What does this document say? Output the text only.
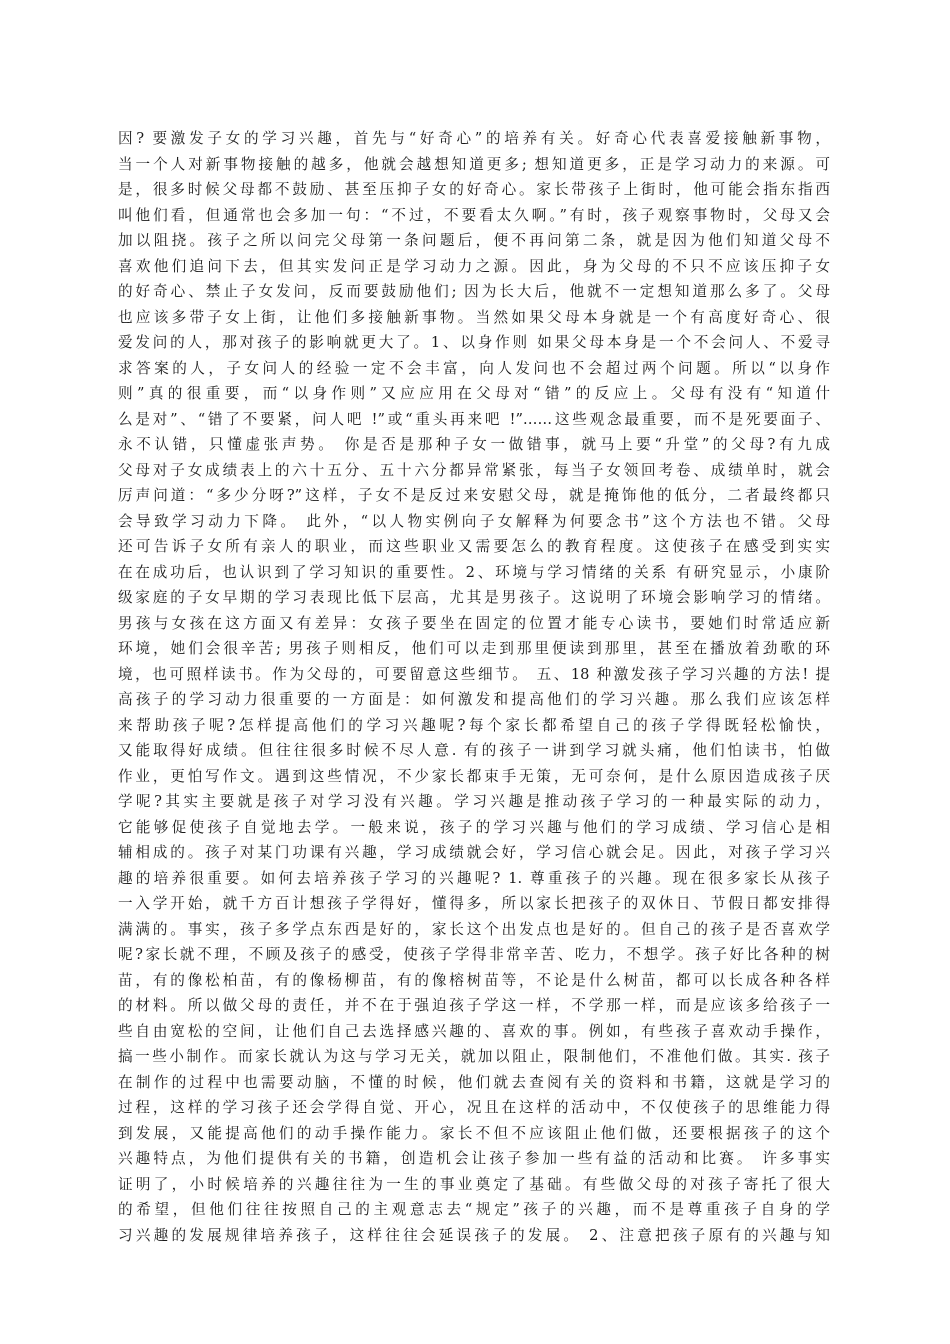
因? 要激发子女的学习兴趣，首先与“好奇心”的培养有关。好奇心代表喜爱接触新事物，
当一个人对新事物接触的越多，他就会越想知道更多; 想知道更多，正是学习动力的来源。可
是，很多时候父母都不鼓励、甚至压抑子女的好奇心。家长带孩子上街时，他可能会指东指西
叫他们看，但通常也会多加一句：“不过，不要看太久啊。”有时，孩子观察事物时，父母又会
加以阻挠。孩子之所以问完父母第一条问题后，便不再问第二条，就是因为他们知道父母不
喜欢他们追问下去，但其实发问正是学习动力之源。因此，身为父母的不只不应该压抑子女
的好奇心、禁止子女发问，反而要鼓励他们; 因为长大后，他就不一定想知道那么多了。父母
也应该多带子女上街，让他们多接触新事物。当然如果父母本身就是一个有高度好奇心、很
爱发问的人，那对孩子的影响就更大了。1、以身作则 如果父母本身是一个不会问人、不爱寻
求答案的人，子女问人的经验一定不会丰富，向人发问也不会超过两个问题。所以“以身作
则”真的很重要，而“以身作则”又应应用在父母对“错”的反应上。父母有没有“知道什
么是对”、“错了不要紧，问人吧 !”或“重头再来吧 !”……这些观念最重要，而不是死要面子、
永不认错，只懂虚张声势。 你是否是那种子女一做错事，就马上要“升堂”的父母?有九成
父母对子女成绩表上的六十五分、五十六分都异常紧张，每当子女领回考卷、成绩单时，就会
厉声问道：“多少分呀?”这样，子女不是反过来安慰父母，就是掩饰他的低分，二者最终都只
会导致学习动力下降。 此外，“以人物实例向子女解释为何要念书”这个方法也不错。父母
还可告诉子女所有亲人的职业，而这些职业又需要怎么的教育程度。这使孩子在感受到实实
在在成功后，也认识到了学习知识的重要性。2、环境与学习情绪的关系 有研究显示，小康阶
级家庭的子女早期的学习表现比低下层高，尤其是男孩子。这说明了环境会影响学习的情绪。
男孩与女孩在这方面又有差异：女孩子要坐在固定的位置才能专心读书，要她们时常适应新
环境，她们会很辛苦; 男孩子则相反，他们可以走到那里便读到那里，甚至在播放着劲歌的环
境，也可照样读书。作为父母的，可要留意这些细节。 五、18 种激发孩子学习兴趣的方法! 提
高孩子的学习动力很重要的一方面是：如何激发和提高他们的学习兴趣。那么我们应该怎样
来帮助孩子呢?怎样提高他们的学习兴趣呢?每个家长都希望自己的孩子学得既轻松愉快，
又能取得好成绩。但往往很多时候不尽人意. 有的孩子一讲到学习就头痛，他们怕读书，怕做
作业，更怕写作文。遇到这些情况，不少家长都束手无策，无可奈何，是什么原因造成孩子厌
学呢?其实主要就是孩子对学习没有兴趣。学习兴趣是推动孩子学习的一种最实际的动力，
它能够促使孩子自觉地去学。一般来说，孩子的学习兴趣与他们的学习成绩、学习信心是相
辅相成的。孩子对某门功课有兴趣，学习成绩就会好，学习信心就会足。因此，对孩子学习兴
趣的培养很重要。如何去培养孩子学习的兴趣呢? 1. 尊重孩子的兴趣。现在很多家长从孩子
一入学开始，就千方百计想孩子学得好，懂得多，所以家长把孩子的双休日、节假日都安排得
满满的。事实，孩子多学点东西是好的，家长这个出发点也是好的。但自己的孩子是否喜欢学
呢?家长就不理，不顾及孩子的感受，使孩子学得非常辛苦、吃力，不想学。孩子好比各种的树
苗，有的像松柏苗，有的像杨柳苗，有的像榕树苗等，不论是什么树苗，都可以长成各种各样
的材料。所以做父母的责任，并不在于强迫孩子学这一样，不学那一样，而是应该多给孩子一
些自由宽松的空间，让他们自己去选择感兴趣的、喜欢的事。例如，有些孩子喜欢动手操作，
搞一些小制作。而家长就认为这与学习无关，就加以阻止，限制他们，不准他们做。其实. 孩子
在制作的过程中也需要动脑，不懂的时候，他们就去查阅有关的资料和书籍，这就是学习的
过程，这样的学习孩子还会学得自觉、开心，况且在这样的活动中，不仅使孩子的思维能力得
到发展，又能提高他们的动手操作能力。家长不但不应该阻止他们做，还要根据孩子的这个
兴趣特点，为他们提供有关的书籍，创造机会让孩子参加一些有益的活动和比赛。 许多事实
证明了，小时候培养的兴趣往往为一生的事业奠定了基础。有些做父母的对孩子寄托了很大
的希望，但他们往往按照自己的主观意志去“规定”孩子的兴趣，而不是尊重孩子自身的学
习兴趣的发展规律培养孩子，这样往往会延误孩子的发展。 2、注意把孩子原有的兴趣与知
